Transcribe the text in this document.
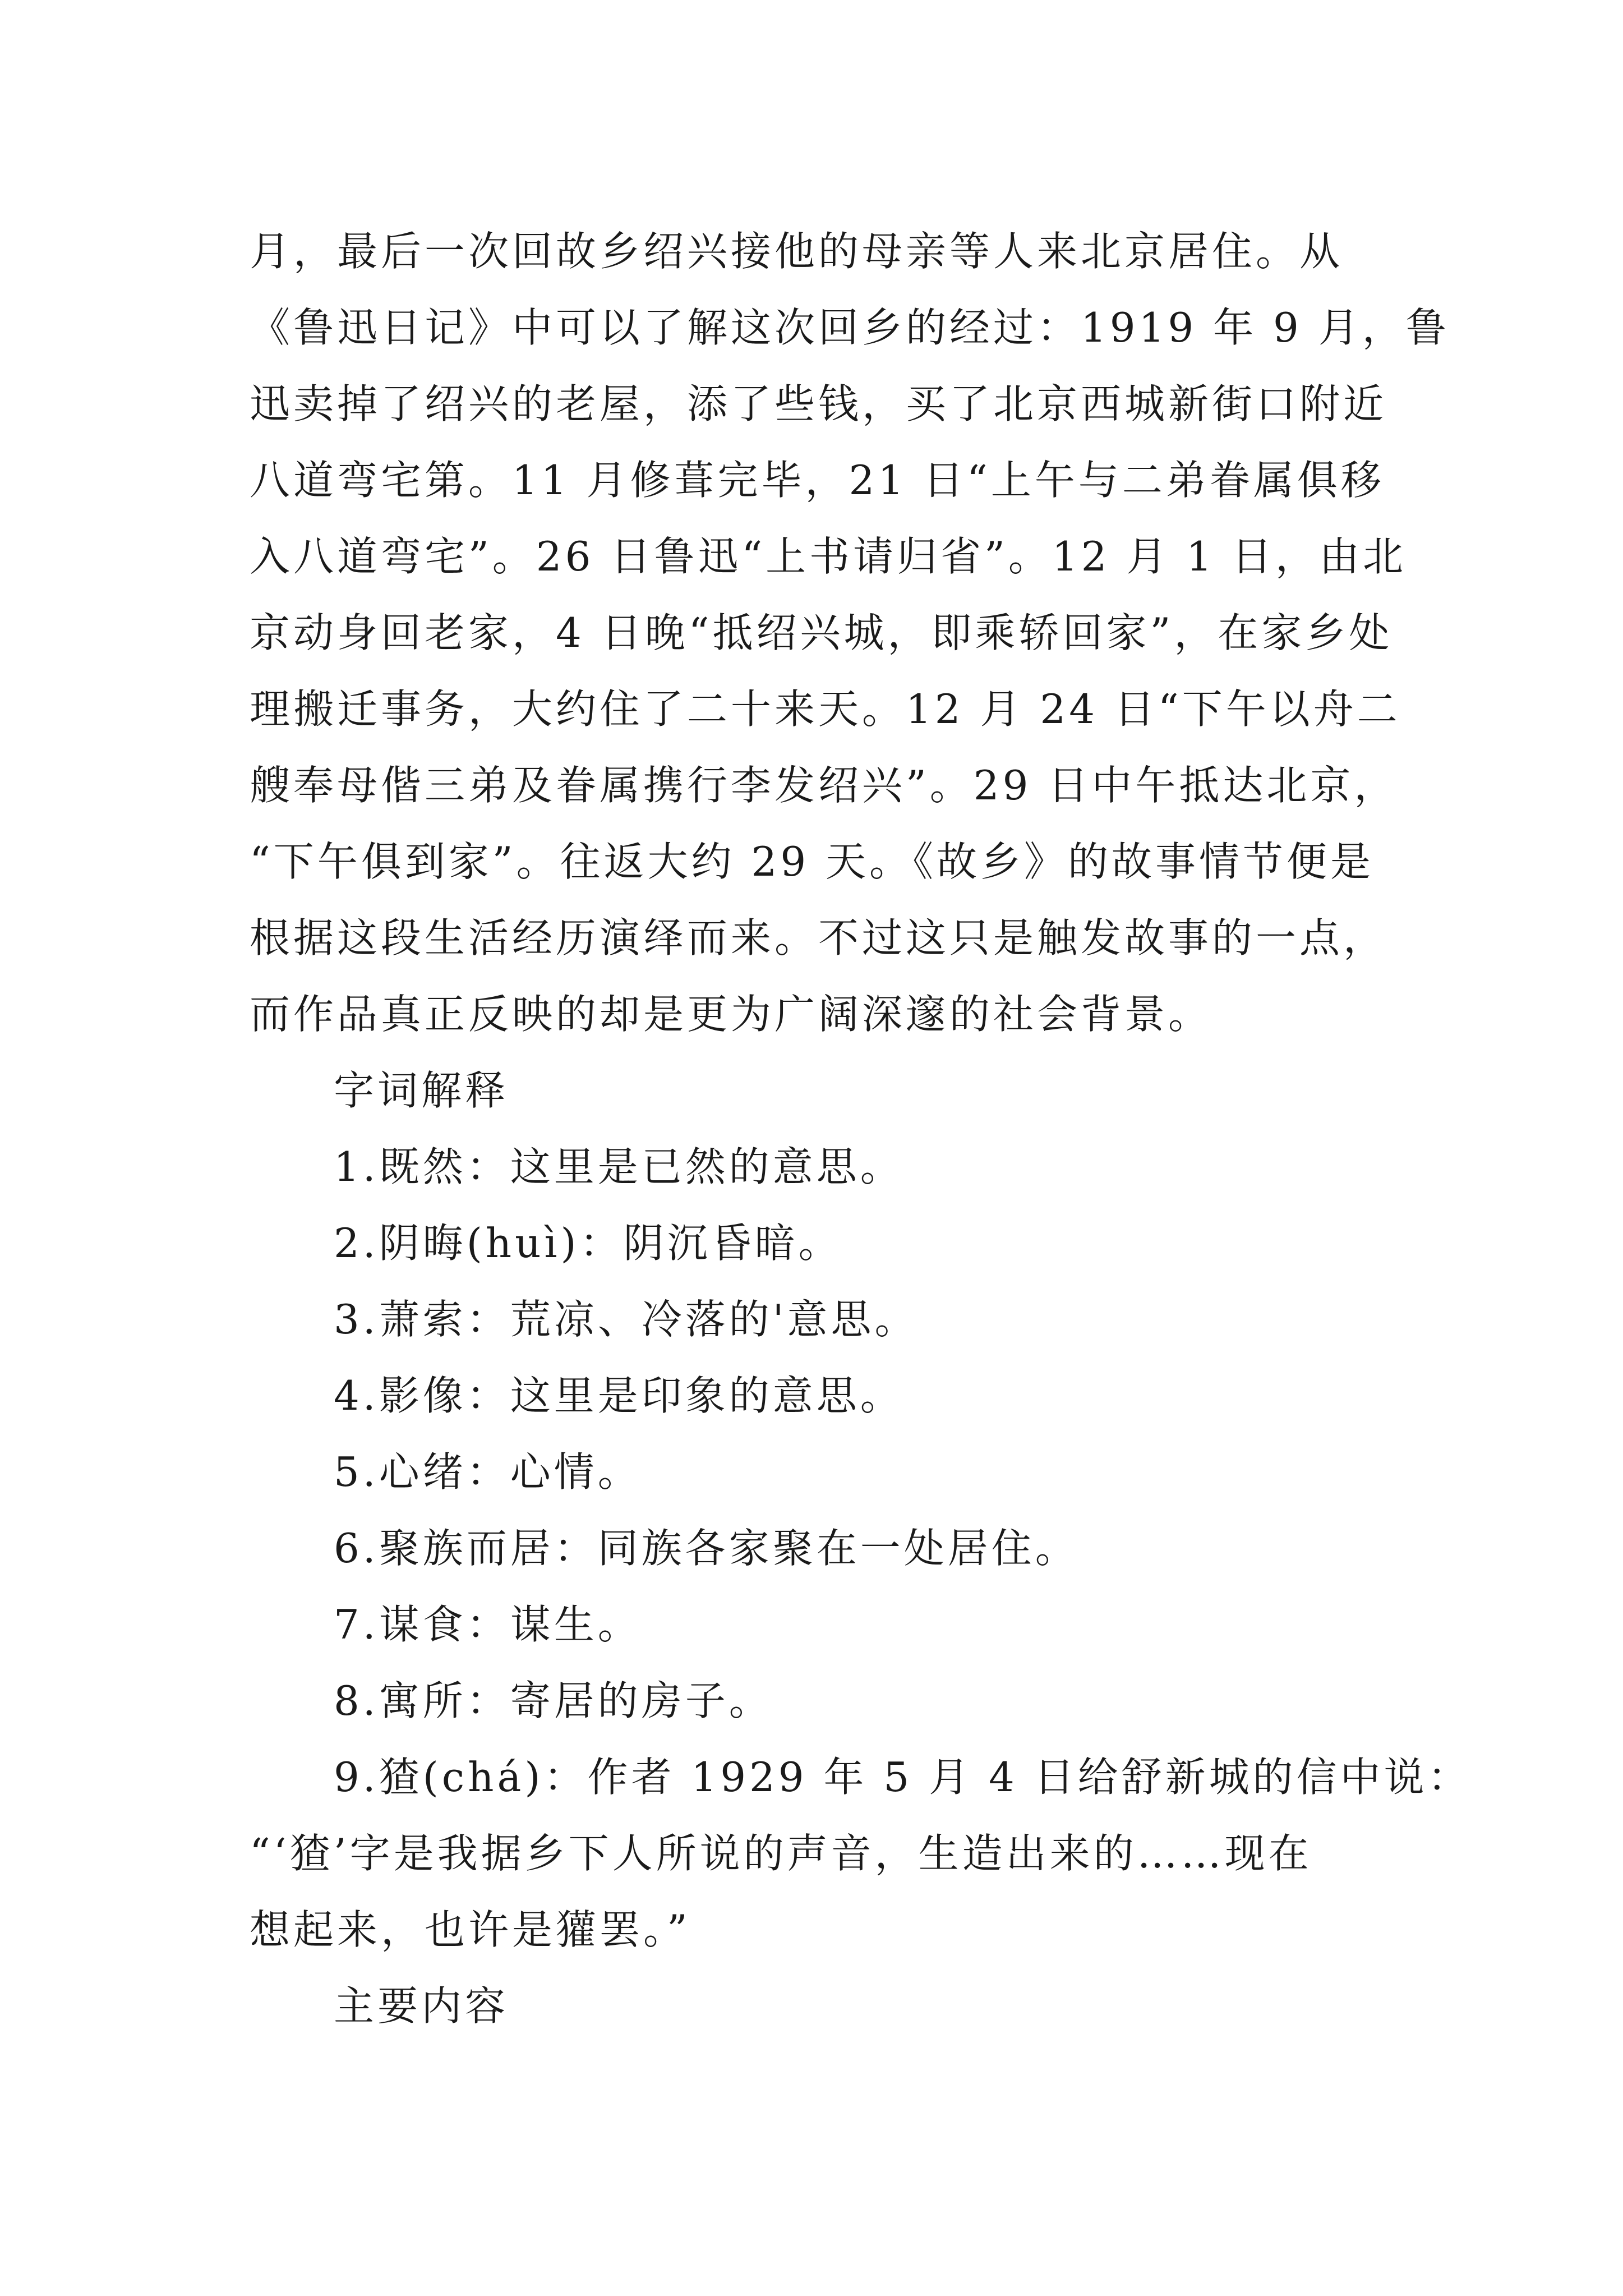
月，最后一次回故乡绍兴接他的母亲等人来北京居住。从
《鲁迅日记》中可以了解这次回乡的经过：1919 年 9 月，鲁
迅卖掉了绍兴的老屋，添了些钱，买了北京西城新街口附近
八道弯宅第。11 月修葺完毕，21 日“上午与二弟眷属俱移
入八道弯宅”。26 日鲁迅“上书请归省”。12 月 1 日，由北
京动身回老家，4 日晚“抵绍兴城，即乘轿回家”，在家乡处
理搬迁事务，大约住了二十来天。12 月 24 日“下午以舟二
艘奉母偕三弟及眷属携行李发绍兴”。29 日中午抵达北京，
“下午俱到家”。往返大约 29 天。《故乡》的故事情节便是
根据这段生活经历演绎而来。不过这只是触发故事的一点，
而作品真正反映的却是更为广阔深邃的社会背景。

字词解释
1.既然：这里是已然的意思。
2.阴晦(huì)：阴沉昏暗。
3.萧索：荒凉、冷落的'意思。
4.影像：这里是印象的意思。
5.心绪：心情。
6.聚族而居：同族各家聚在一处居住。
7.谋食：谋生。
8.寓所：寄居的房子。
9.猹(chá)：作者 1929 年 5 月 4 日给舒新城的信中说：
“‘猹’字是我据乡下人所说的声音，生造出来的……现在
想起来，也许是獾罢。”
主要内容
